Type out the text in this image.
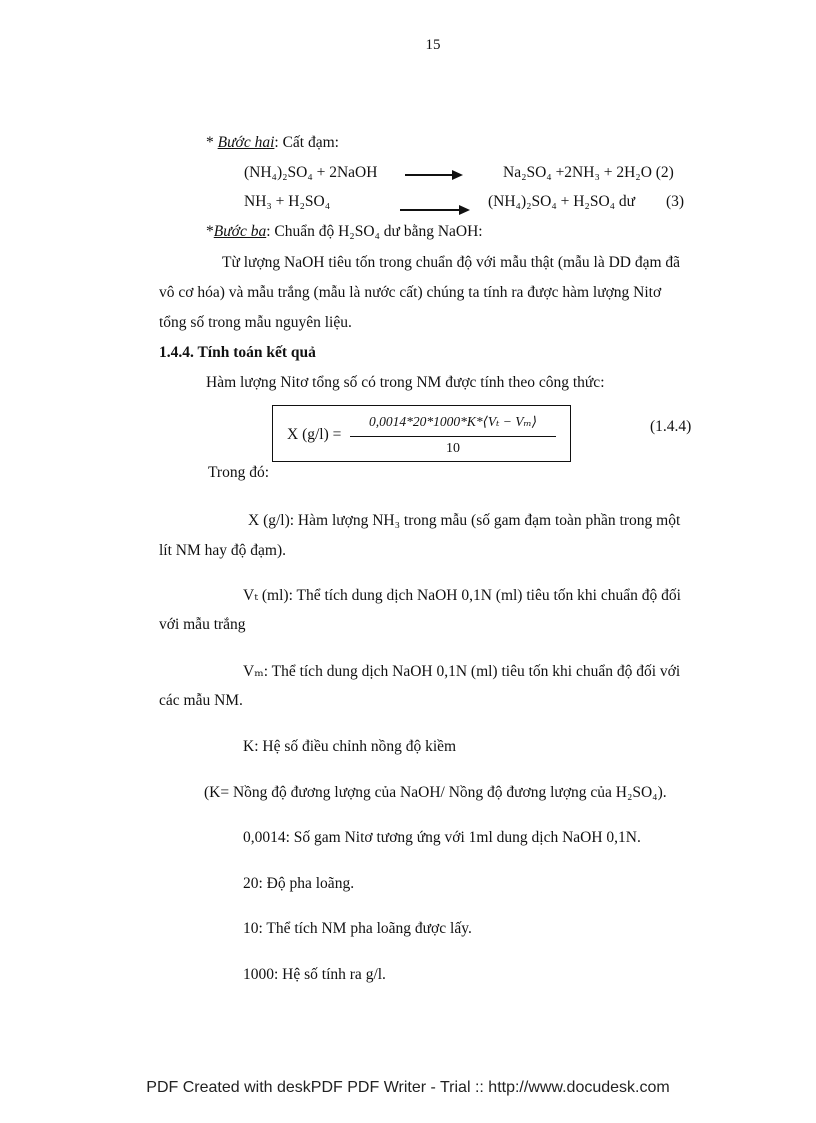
15
* Bước hai: Cất đạm:
(NH₄)₂SO₄ + 2NaOH	Na₂SO₄ +2NH₃ + 2H₂O (2)
NH₃ + H₂SO₄	(NH₄)₂SO₄ + H₂SO₄ dư (3)
*Bước ba: Chuẩn độ H₂SO₄ dư bằng NaOH:
Từ lượng NaOH tiêu tốn trong chuẩn độ với mẫu thật (mẫu là DD đạm đã
vô cơ hóa) và mẫu trắng (mẫu là nước cất) chúng ta tính ra được hàm lượng Nitơ
tổng số trong mẫu nguyên liệu.
1.4.4. Tính toán kết quả
Hàm lượng Nitơ tổng số có trong NM được tính theo công thức:
X (g/l) =
0,0014*20*1000*K*⟨Vₜ − Vₘ⟩
10
(1.4.4)
Trong đó:
X (g/l): Hàm lượng NH₃ trong mẫu (số gam đạm toàn phần trong một
lít NM hay độ đạm).
Vₜ (ml): Thể tích dung dịch NaOH 0,1N (ml) tiêu tốn khi chuẩn độ đối
với mẫu trắng
Vₘ: Thể tích dung dịch NaOH 0,1N (ml) tiêu tốn khi chuẩn độ đối với
các mẫu NM.
K: Hệ số điều chỉnh nồng độ kiềm
(K= Nồng độ đương lượng của NaOH/ Nồng độ đương lượng của H₂SO₄).
0,0014: Số gam Nitơ tương ứng với 1ml dung dịch NaOH 0,1N.
20: Độ pha loãng.
10: Thể tích NM pha loãng được lấy.
1000: Hệ số tính ra g/l.
PDF Created with deskPDF PDF Writer - Trial :: http://www.docudesk.com
